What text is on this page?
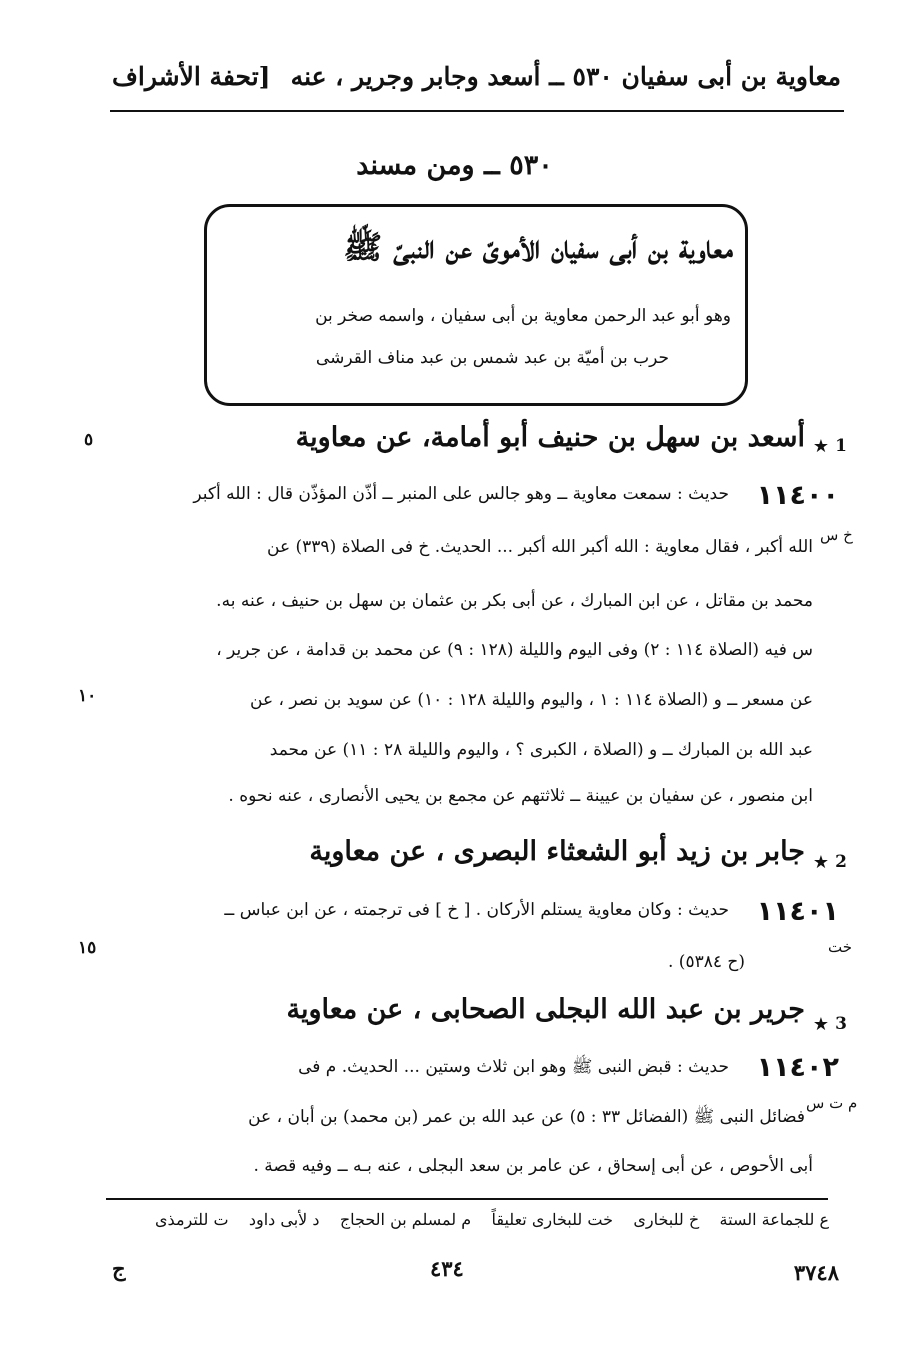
معاوية بن أبى سفيان ٥٣٠ ــ أسعد وجابر وجرير ، عنه
[تحفة الأشراف
٥٣٠ ــ ومن مسند
معاوية بن أبى سفيان الأموىّ عن النبىّ ﷺ
وهو أبو عبد الرحمن معاوية بن أبى سفيان ، واسمه صخر بن
حرب بن أميّة بن عبد شمس بن عبد مناف القرشى
٥
١٠
١٥
1
★
أسعد بن سهل بن حنيف أبو أمامة، عن معاوية
١١٤٠٠
حديث : سمعت معاوية ــ وهو جالس على المنبر ــ أذّن المؤذّن قال : الله أكبر
خ س
الله أكبر ، فقال معاوية : الله أكبر الله أكبر ... الحديث. خ فى الصلاة (٣٣٩) عن
محمد بن مقاتل ، عن ابن المبارك ، عن أبى بكر بن عثمان بن سهل بن حنيف ، عنه به.
س فيه (الصلاة ١١٤ : ٢) وفى اليوم والليلة (١٢٨ : ٩) عن محمد بن قدامة ، عن جرير ،
عن مسعر ــ و (الصلاة ١١٤ : ١ ، واليوم والليلة ١٢٨ : ١٠) عن سويد بن نصر ، عن
عبد الله بن المبارك ــ و (الصلاة ، الكبرى ؟ ، واليوم والليلة ٢٨ : ١١) عن محمد
ابن منصور ، عن سفيان بن عيينة ــ ثلاثتهم عن مجمع بن يحيى الأنصارى ، عنه نحوه .
2
★
جابر بن زيد أبو الشعثاء البصرى ، عن معاوية
١١٤٠١
حديث : وكان معاوية يستلم الأركان . [ خ ] فى ترجمته ، عن ابن عباس ــ
خت
(ح ٥٣٨٤) .
3
★
جرير بن عبد الله البجلى الصحابى ، عن معاوية
١١٤٠٢
حديث : قبض النبى ﷺ وهو ابن ثلاث وستين ... الحديث. م فى
م ت س
فضائل النبى ﷺ (الفضائل ٣٣ : ٥) عن عبد الله بن عمر (بن محمد) بن أبان ، عن
أبى الأحوص ، عن أبى إسحاق ، عن عامر بن سعد البجلى ، عنه بـه ــ وفيه قصة .
ع للجماعة الستة    خ للبخارى    خت للبخارى تعليقاً    م لمسلم بن الحجاج    د لأبى داود    ت للترمذى
٤٣٤	٣٧٤٨
ج
